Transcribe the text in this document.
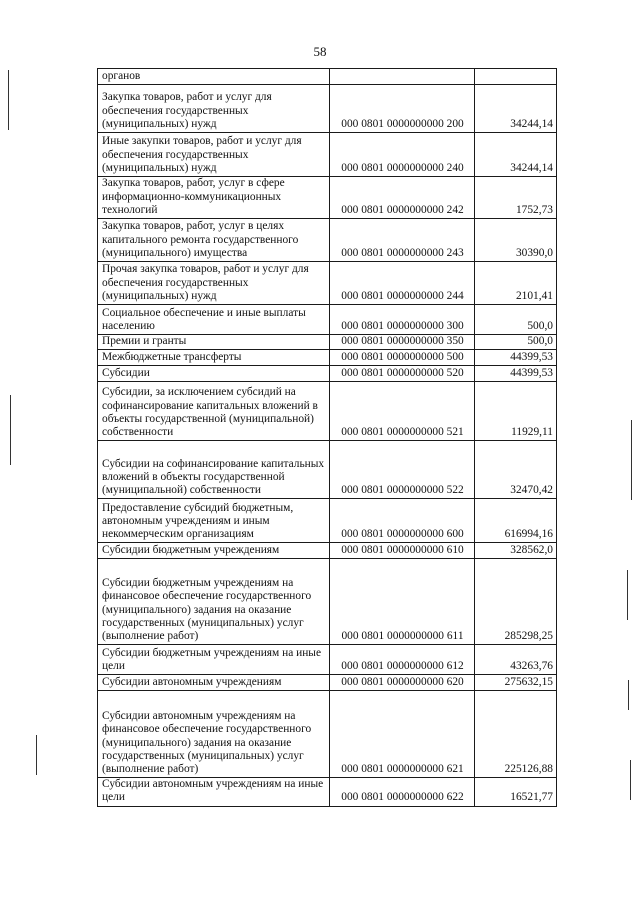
58
органов		
Закупка товаров, работ и услуг для обеспечения государственных (муниципальных) нужд	000 0801 0000000000 200	34244,14
Иные закупки товаров, работ и услуг для обеспечения государственных (муниципальных) нужд	000 0801 0000000000 240	34244,14
Закупка товаров, работ, услуг в сфере информационно-коммуникационных технологий	000 0801 0000000000 242	1752,73
Закупка товаров, работ, услуг в целях капитального ремонта государственного (муниципального) имущества	000 0801 0000000000 243	30390,0
Прочая закупка товаров, работ и услуг для обеспечения государственных (муниципальных) нужд	000 0801 0000000000 244	2101,41
Социальное обеспечение и иные выплаты населению	000 0801 0000000000 300	500,0
Премии и гранты	000 0801 0000000000 350	500,0
Межбюджетные трансферты	000 0801 0000000000 500	44399,53
Субсидии	000 0801 0000000000 520	44399,53
Субсидии, за исключением субсидий на софинансирование капитальных вложений в объекты государственной (муниципальной) собственности	000 0801 0000000000 521	11929,11
Субсидии на софинансирование капитальных вложений в объекты государственной (муниципальной) собственности	000 0801 0000000000 522	32470,42
Предоставление субсидий бюджетным, автономным учреждениям и иным некоммерческим организациям	000 0801 0000000000 600	616994,16
Субсидии бюджетным учреждениям	000 0801 0000000000 610	328562,0
Субсидии бюджетным учреждениям на финансовое обеспечение государственного (муниципального) задания на оказание государственных (муниципальных) услуг (выполнение работ)	000 0801 0000000000 611	285298,25
Субсидии бюджетным учреждениям на иные цели	000 0801 0000000000 612	43263,76
Субсидии автономным учреждениям	000 0801 0000000000 620	275632,15
Субсидии автономным учреждениям на финансовое обеспечение государственного (муниципального) задания на оказание государственных (муниципальных) услуг (выполнение работ)	000 0801 0000000000 621	225126,88
Субсидии автономным учреждениям на иные цели	000 0801 0000000000 622	16521,77
